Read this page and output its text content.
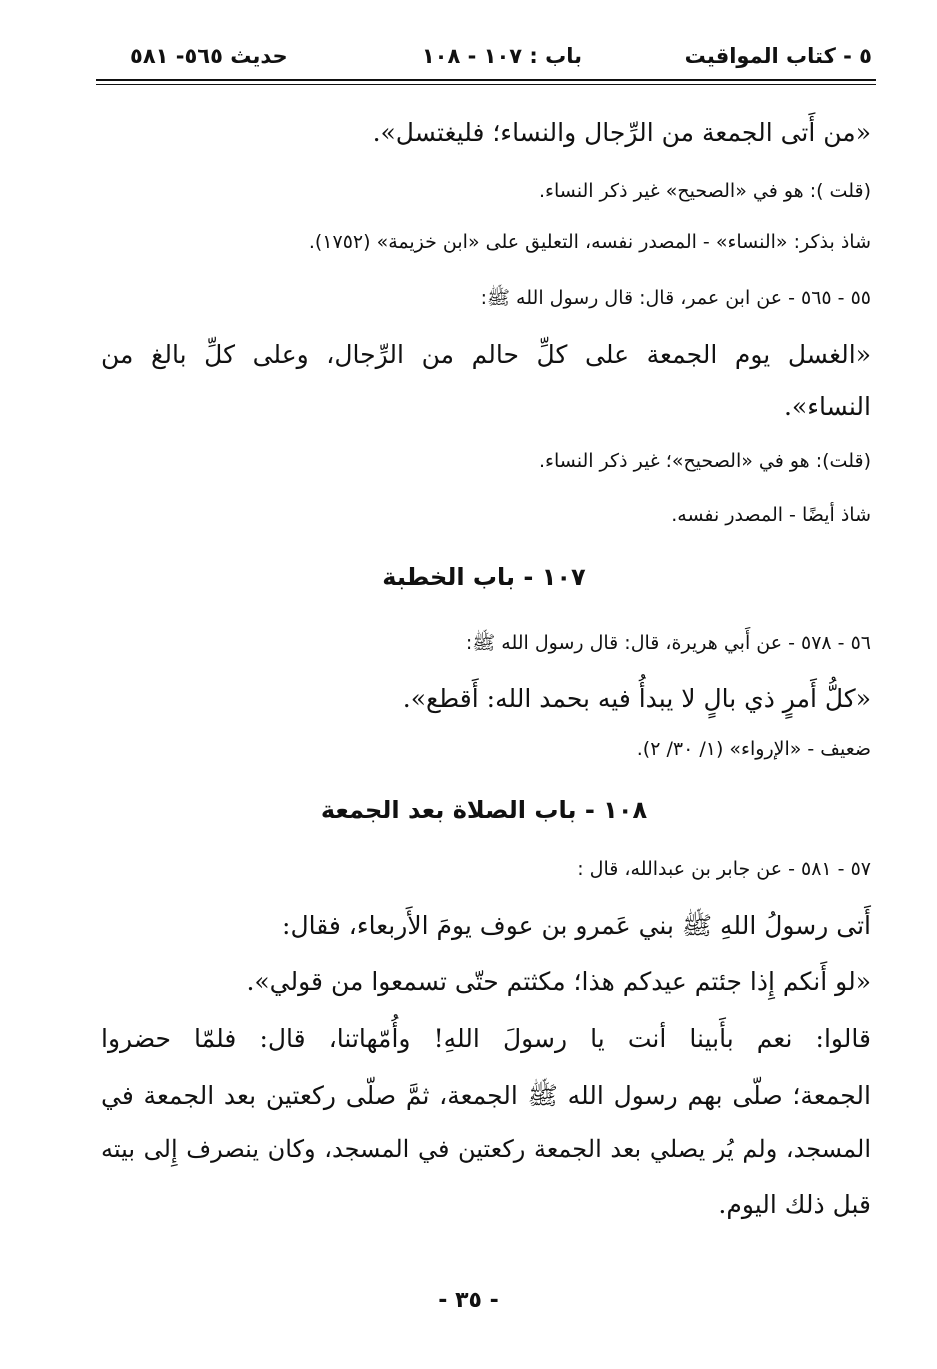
٥ - كتاب المواقيت
باب : ١٠٧ - ١٠٨
حديث ٥٦٥- ٥٨١
«من أَتى الجمعة من الرِّجال والنساء؛ فليغتسل».
(قلت ): هو في «الصحيح» غير ذكر النساء.
شاذ بذكر: «النساء» - المصدر نفسه، التعليق على «ابن خزيمة» (١٧٥٢).
٥٥ - ٥٦٥ - عن ابن عمر، قال: قال رسول الله ﷺ:
«الغسل يوم الجمعة على كلِّ حالم من الرِّجال، وعلى كلِّ بالغ من
النساء».
(قلت): هو في «الصحيح»؛ غير ذكر النساء.
شاذ أيضًا - المصدر نفسه.
١٠٧ - باب الخطبة
٥٦ - ٥٧٨ - عن أَبي هريرة، قال: قال رسول الله ﷺ:
«كلُّ أَمرٍ ذي بالٍ لا يبدأُ فيه بحمد الله: أَقطع».
ضعيف - «الإرواء» (١/ ٣٠/ ٢).
١٠٨ - باب الصلاة بعد الجمعة
٥٧ - ٥٨١ - عن جابر بن عبدالله، قال :
أَتى رسولُ اللهِ ﷺ بني عَمرو بن عوف يومَ الأَربعاء، فقال:
«لو أَنكم إِذا جئتم عيدكم هذا؛ مكثتم حتّى تسمعوا من قولي».
قالوا: نعم بأَبينا أنت يا رسولَ اللهِ! وأُمّهاتنا، قال: فلمّا حضروا
الجمعة؛ صلّى بهم رسول الله ﷺ الجمعة، ثمَّ صلّى ركعتين بعد الجمعة في
المسجد، ولم يُر يصلي بعد الجمعة ركعتين في المسجد، وكان ينصرف إِلى بيته
قبل ذلك اليوم.
- ٣٥ -
